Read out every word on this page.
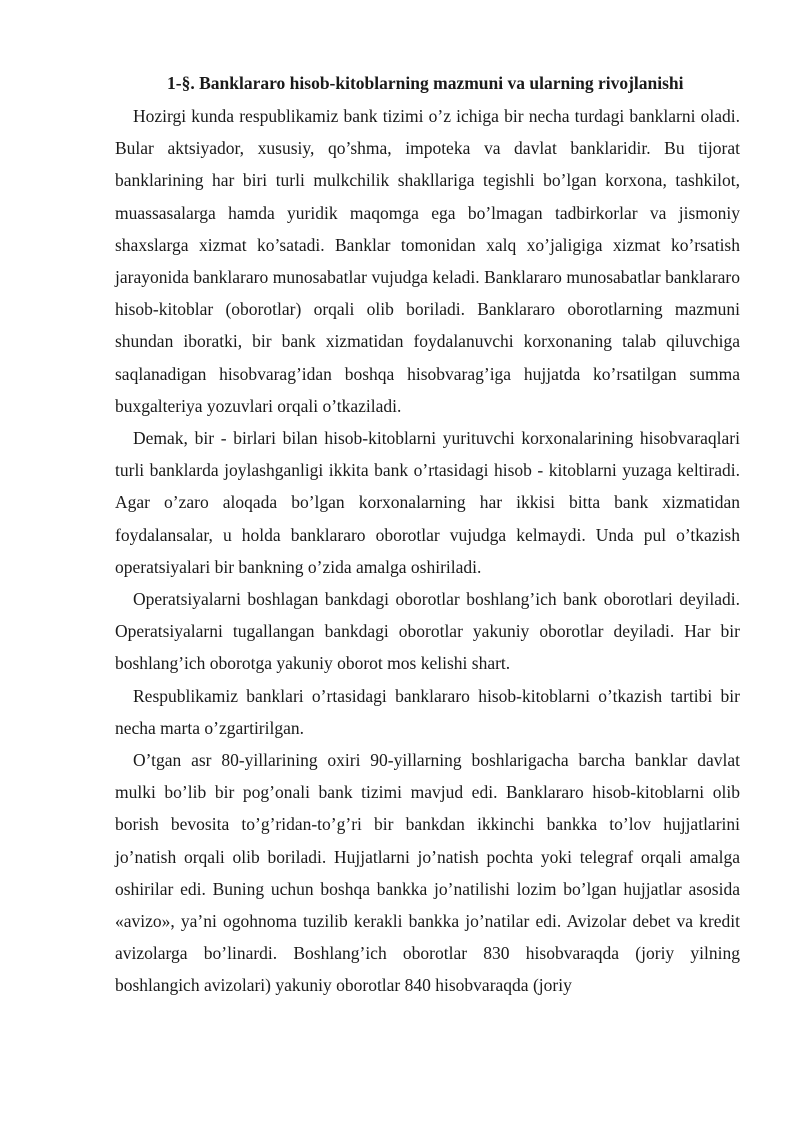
1-§. Banklararo hisob-kitoblarning mazmuni va ularning rivojlanishi

Hozirgi kunda respublikamiz bank tizimi o’z ichiga bir necha turdagi banklarni oladi. Bular aktsiyador, xususiy, qo’shma, impoteka va davlat banklaridir. Bu tijorat banklarining har biri turli mulkchilik shakllariga tegishli bo’lgan korxona, tashkilot, muassasalarga hamda yuridik maqomga ega bo’lmagan tadbirkorlar va jismoniy shaxslarga xizmat ko’satadi. Banklar tomonidan xalq xo’jaligiga xizmat ko’rsatish jarayonida banklararo munosabatlar vujudga keladi. Banklararo munosabatlar banklararo hisob-kitoblar (oborotlar) orqali olib boriladi. Banklararo oborotlarning mazmuni shundan iboratki, bir bank xizmatidan foydalanuvchi korxonaning talab qiluvchiga saqlanadigan hisobvarag’idan boshqa hisobvarag’iga hujjatda ko’rsatilgan summa buxgalteriya yozuvlari orqali o’tkaziladi.

Demak, bir - birlari bilan hisob-kitoblarni yurituvchi korxonalarining hisobvaraqlari turli banklarda joylashganligi ikkita bank o’rtasidagi hisob - kitoblarni yuzaga keltiradi. Agar o’zaro aloqada bo’lgan korxonalarning har ikkisi bitta bank xizmatidan foydalansalar, u holda banklararo oborotlar vujudga kelmaydi. Unda pul o’tkazish operatsiyalari bir bankning o’zida amalga oshiriladi.

Operatsiyalarni boshlagan bankdagi oborotlar boshlang’ich bank oborotlari deyiladi. Operatsiyalarni tugallangan bankdagi oborotlar yakuniy oborotlar deyiladi. Har bir boshlang’ich oborotga yakuniy oborot mos kelishi shart.

Respublikamiz banklari o’rtasidagi banklararo hisob-kitoblarni o’tkazish tartibi bir necha marta o’zgartirilgan.

O’tgan asr 80-yillarining oxiri 90-yillarning boshlarigacha barcha banklar davlat mulki bo’lib bir pog’onali bank tizimi mavjud edi. Banklararo hisob-kitoblarni olib borish bevosita to’g’ridan-to’g’ri bir bankdan ikkinchi bankka to’lov hujjatlarini jo’natish orqali olib boriladi. Hujjatlarni jo’natish pochta yoki telegraf orqali amalga oshirilar edi. Buning uchun boshqa bankka jo’natilishi lozim bo’lgan hujjatlar asosida «avizo», ya’ni ogohnoma tuzilib kerakli bankka jo’natilar edi. Avizolar debet va kredit avizolarga bo’linardi. Boshlang’ich oborotlar 830 hisobvaraqda (joriy yilning boshlangich avizolari) yakuniy oborotlar 840 hisobvaraqda (joriy
